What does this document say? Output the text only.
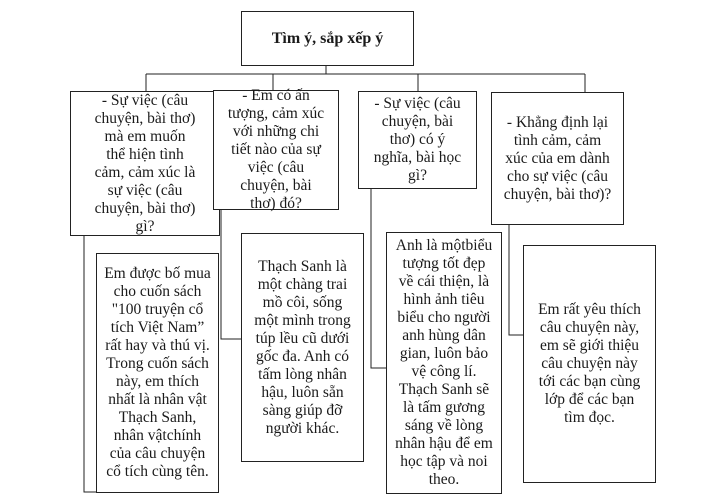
Tìm ý, sắp xếp ý
- Sự việc (câu
chuyện, bài thơ)
mà em muốn
thể hiện tình
cảm, cảm xúc là
sự việc (câu
chuyện, bài thơ)
gì?
- Em có ấn
tượng, cảm xúc
với những chi
tiết nào của sự
việc (câu
chuyện, bài
thơ) đó?
- Sự việc (câu
chuyện, bài
thơ) có ý
nghĩa, bài học
gì?
- Khẳng định lại
tình cảm, cảm
xúc của em dành
cho sự việc (câu
chuyện, bài thơ)?
Em được bố mua
cho cuốn sách
"100 truyện cổ
tích Việt Nam”
rất hay và thú vị.
Trong cuốn sách
này, em thích
nhất là nhân vật
Thạch Sanh,
nhân vậtchính
của câu chuyện
cổ tích cùng tên.
Thạch Sanh là
một chàng trai
mồ côi, sống
một mình trong
túp lều cũ dưới
gốc đa. Anh có
tấm lòng nhân
hậu, luôn sẵn
sàng giúp đỡ
người khác.
Anh là mộtbiểu
tượng tốt đẹp
về cái thiện, là
hình ảnh tiêu
biểu cho người
anh hùng dân
gian, luôn bảo
vệ công lí.
Thạch Sanh sẽ
là tấm gương
sáng về lòng
nhân hậu để em
học tập và noi
theo.
Em rất yêu thích
câu chuyện này,
em sẽ giới thiệu
câu chuyện này
tới các bạn cùng
lớp để các bạn
tìm đọc.
